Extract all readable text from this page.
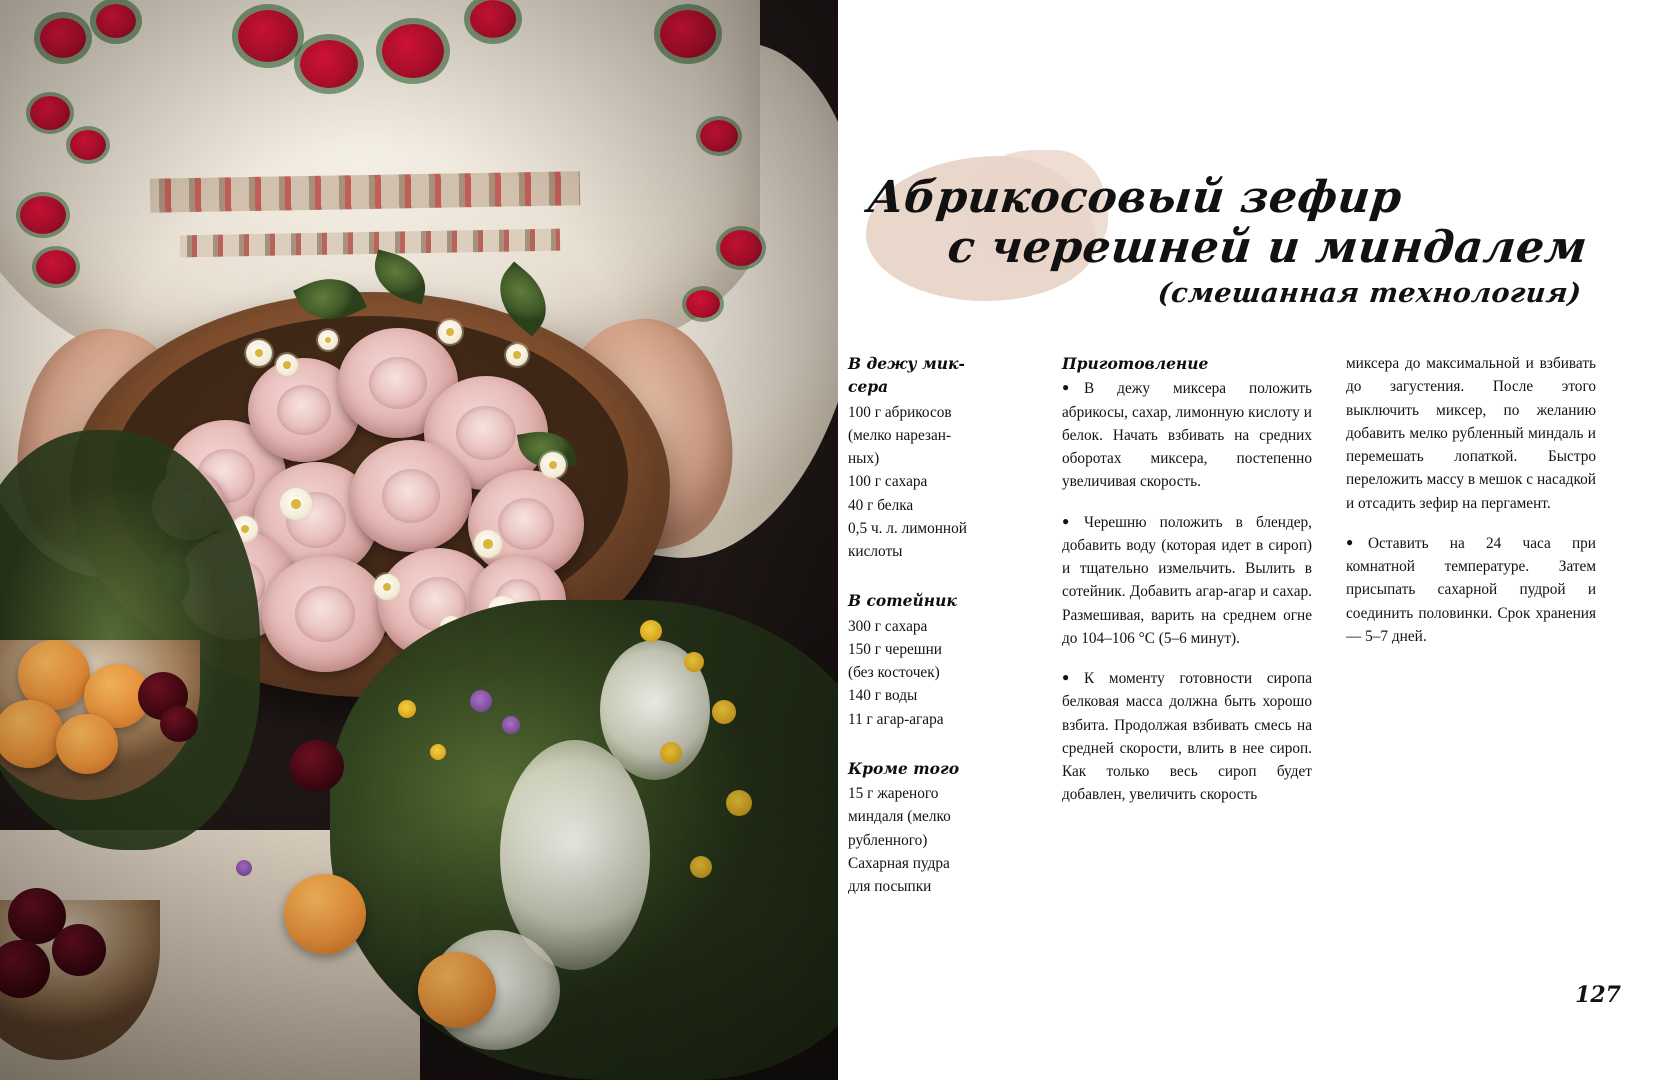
Абрикосовый зефир
с черешней и миндалем
(смешанная технология)
В дежу мик-
сера

100 г абрикосов

(мелко нарезан-

ных)

100 г сахара

40 г белка

0,5 ч. л. лимонной

кислоты

В сотейник

300 г сахара

150 г черешни

(без косточек)

140 г воды

11 г агар-агара

Кроме того

15 г жареного

миндаля (мелко

рубленного)

Сахарная пудра

для посыпки

Приготовление

● В дежу миксера положить абрикосы, сахар, лимонную кислоту и белок. Начать взбивать на средних оборотах миксера, постепенно увеличивая скорость.

● Черешню положить в блендер, добавить воду (которая идет в сироп) и тщательно измельчить. Вылить в сотейник. Добавить агар-агар и сахар. Размешивая, варить на среднем огне до 104–106 °C (5–6 минут).

● К моменту готовности сиропа белковая масса должна быть хорошо взбита. Продолжая взбивать смесь на средней скорости, влить в нее сироп. Как только весь сироп будет добавлен, увеличить скорость

миксера до максимальной и взбивать до загустения. После этого выключить миксер, по желанию добавить мелко рубленный миндаль и перемешать лопаткой. Быстро переложить массу в мешок с насадкой и отсадить зефир на пергамент.

● Оставить на 24 часа при комнатной температуре. Затем присыпать сахарной пудрой и соединить половинки. Срок хранения — 5–7 дней.

127
